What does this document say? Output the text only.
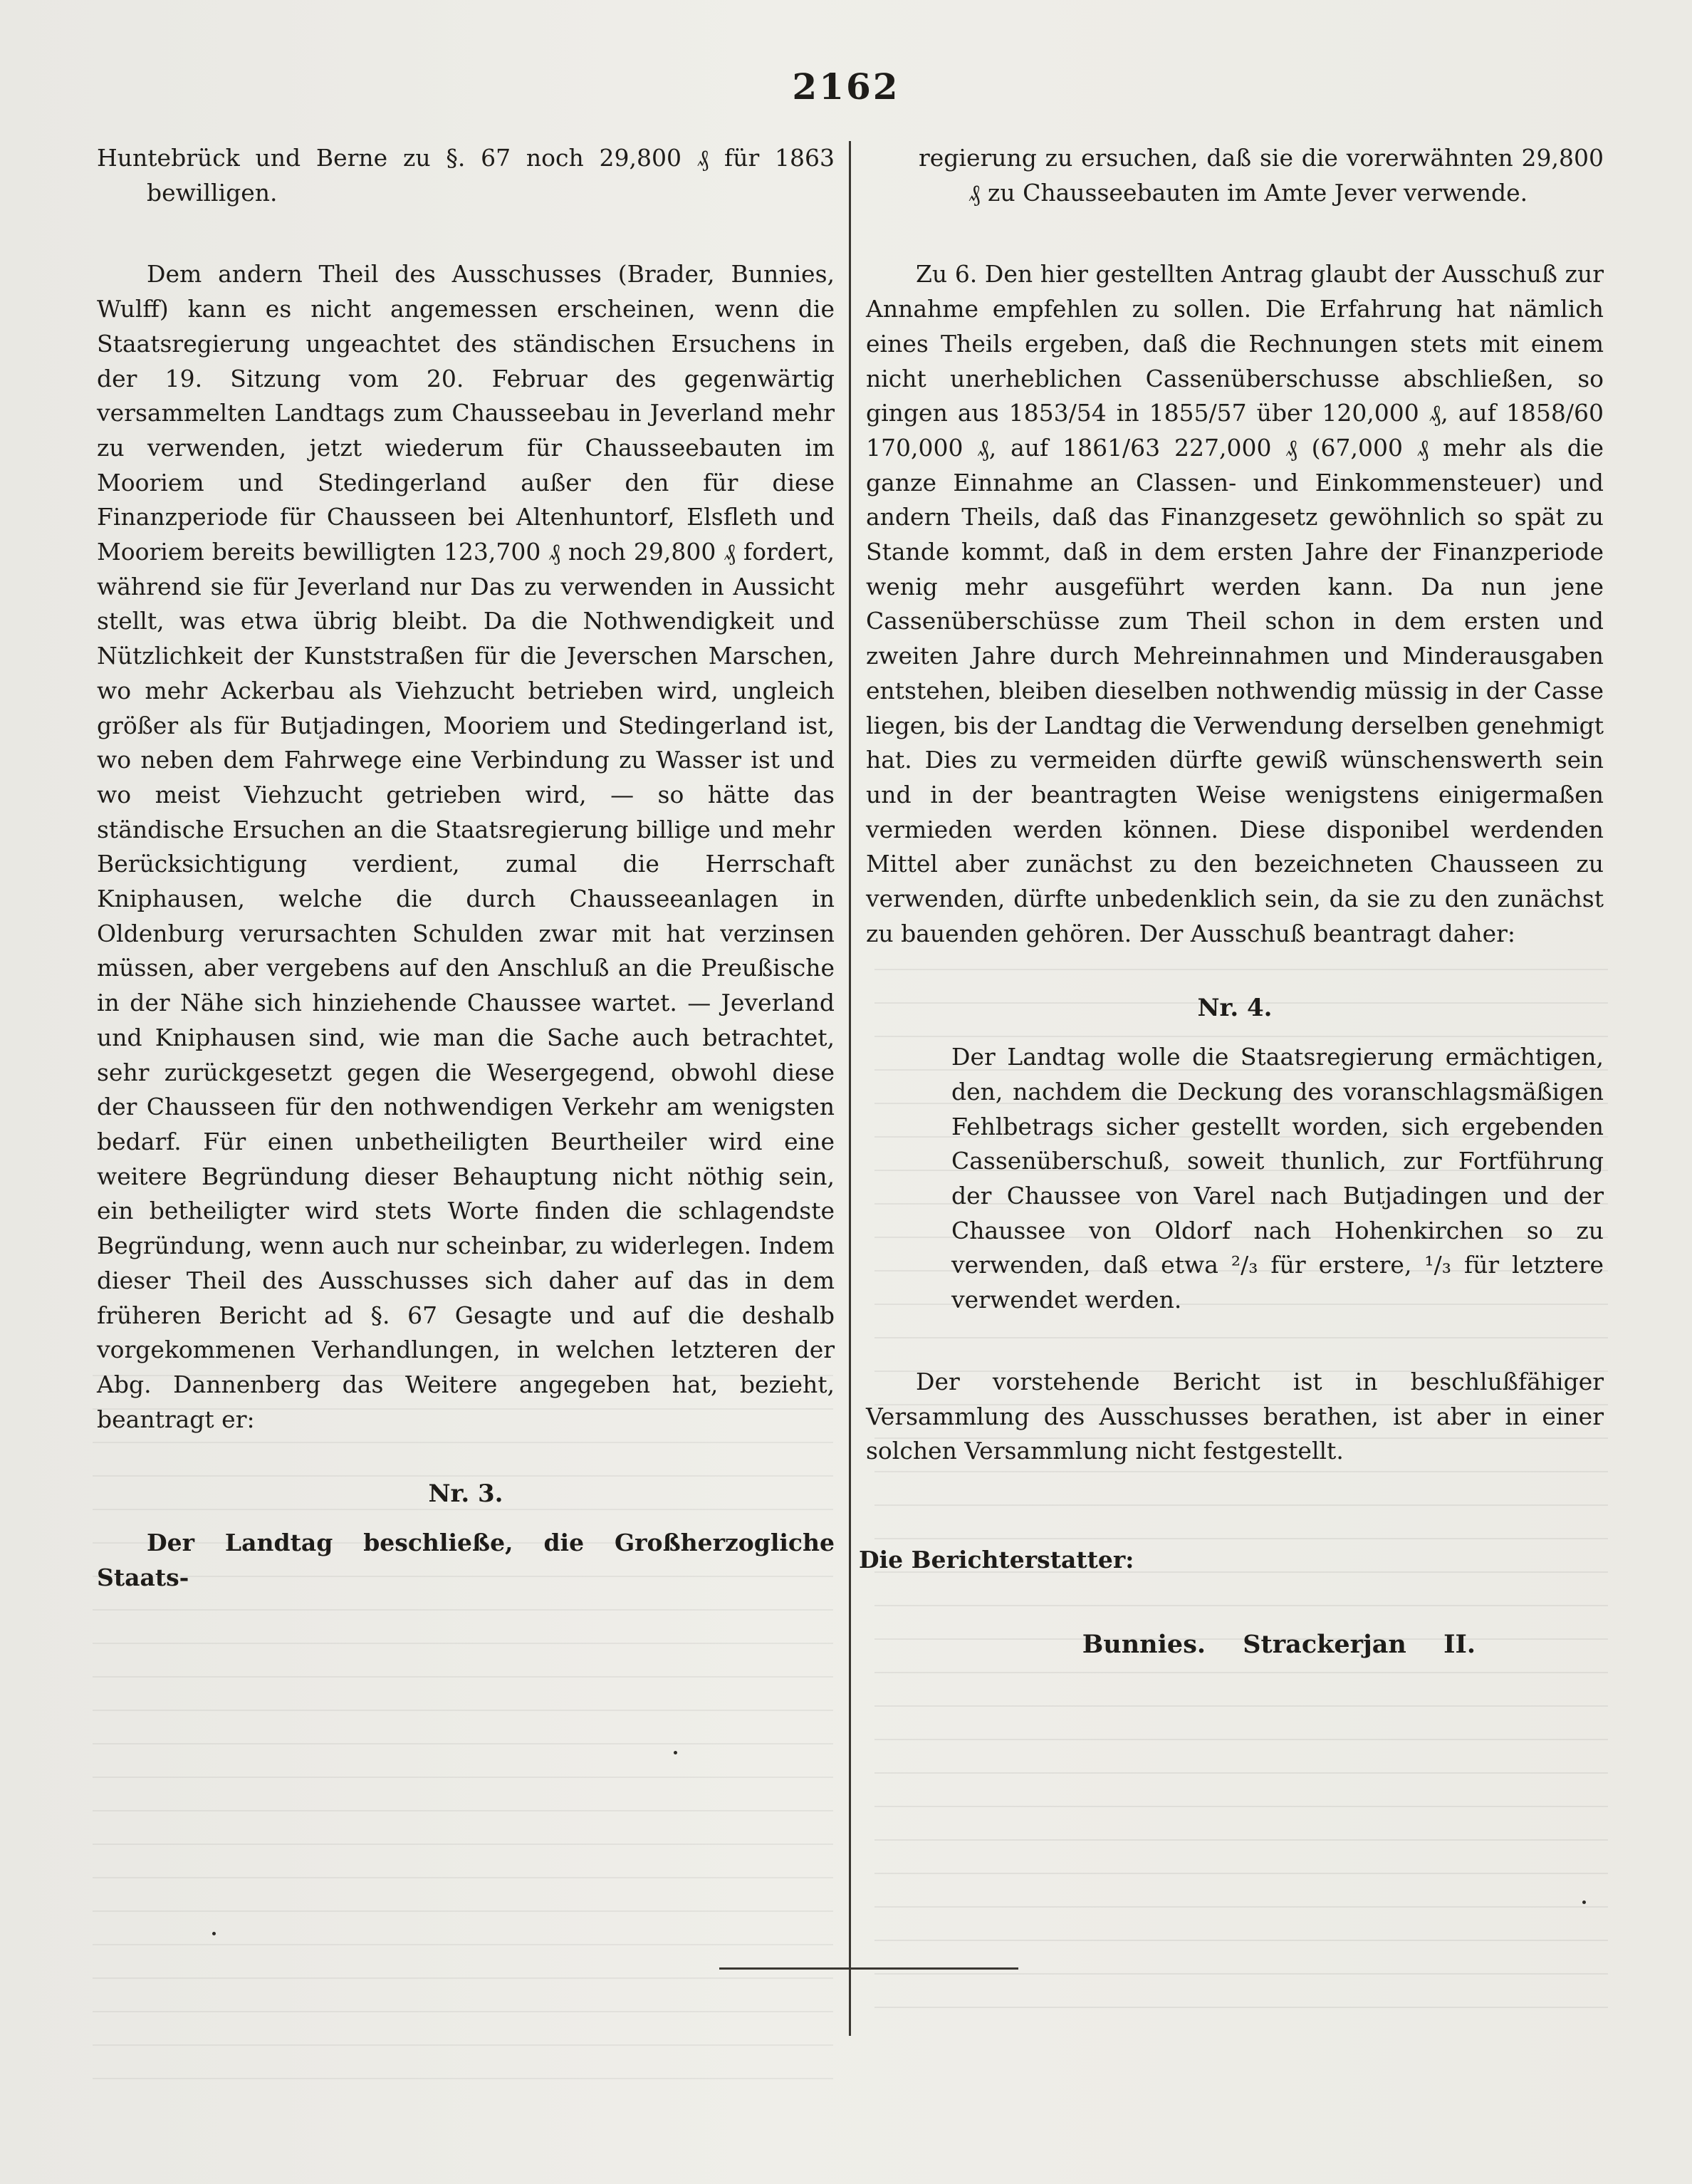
2162

Huntebrück und Berne zu §. 67 noch 29,800 ₰ für 1863 bewilligen.

Dem andern Theil des Ausschusses (Brader, Bunnies, Wulff) kann es nicht angemessen erscheinen, wenn die Staatsregierung ungeachtet des ständischen Ersuchens in der 19. Sitzung vom 20. Februar des gegenwärtig versammelten Landtags zum Chausseebau in Jeverland mehr zu verwenden, jetzt wiederum für Chausseebauten im Mooriem und Stedingerland außer den für diese Finanzperiode für Chausseen bei Altenhuntorf, Elsfleth und Mooriem bereits bewilligten 123,700 ₰ noch 29,800 ₰ fordert, während sie für Jeverland nur Das zu verwenden in Aussicht stellt, was etwa übrig bleibt. Da die Nothwendigkeit und Nützlichkeit der Kunststraßen für die Jeverschen Marschen, wo mehr Ackerbau als Viehzucht betrieben wird, ungleich größer als für Butjadingen, Mooriem und Stedingerland ist, wo neben dem Fahrwege eine Verbindung zu Wasser ist und wo meist Viehzucht getrieben wird, — so hätte das ständische Ersuchen an die Staatsregierung billige und mehr Berücksichtigung verdient, zumal die Herrschaft Kniphausen, welche die durch Chausseeanlagen in Oldenburg verursachten Schulden zwar mit hat verzinsen müssen, aber vergebens auf den Anschluß an die Preußische in der Nähe sich hinziehende Chaussee wartet. — Jeverland und Kniphausen sind, wie man die Sache auch betrachtet, sehr zurückgesetzt gegen die Wesergegend, obwohl diese der Chausseen für den nothwendigen Verkehr am wenigsten bedarf. Für einen unbetheiligten Beurtheiler wird eine weitere Begründung dieser Behauptung nicht nöthig sein, ein betheiligter wird stets Worte finden die schlagendste Begründung, wenn auch nur scheinbar, zu widerlegen. Indem dieser Theil des Ausschusses sich daher auf das in dem früheren Bericht ad §. 67 Gesagte und auf die deshalb vorgekommenen Verhandlungen, in welchen letzteren der Abg. Dannenberg das Weitere angegeben hat, bezieht, beantragt er:

Nr. 3.

Der Landtag beschließe, die Großherzogliche Staats-

regierung zu ersuchen, daß sie die vorerwähnten 29,800 ₰ zu Chausseebauten im Amte Jever verwende.

Zu 6. Den hier gestellten Antrag glaubt der Ausschuß zur Annahme empfehlen zu sollen. Die Erfahrung hat nämlich eines Theils ergeben, daß die Rechnungen stets mit einem nicht unerheblichen Cassenüberschusse abschließen, so gingen aus 1853/54 in 1855/57 über 120,000 ₰, auf 1858/60 170,000 ₰, auf 1861/63 227,000 ₰ (67,000 ₰ mehr als die ganze Einnahme an Classen- und Einkommensteuer) und andern Theils, daß das Finanzgesetz gewöhnlich so spät zu Stande kommt, daß in dem ersten Jahre der Finanzperiode wenig mehr ausgeführt werden kann. Da nun jene Cassenüberschüsse zum Theil schon in dem ersten und zweiten Jahre durch Mehreinnahmen und Minderausgaben entstehen, bleiben dieselben nothwendig müssig in der Casse liegen, bis der Landtag die Verwendung derselben genehmigt hat. Dies zu vermeiden dürfte gewiß wünschenswerth sein und in der beantragten Weise wenigstens einigermaßen vermieden werden können. Diese disponibel werdenden Mittel aber zunächst zu den bezeichneten Chausseen zu verwenden, dürfte unbedenklich sein, da sie zu den zunächst zu bauenden gehören. Der Ausschuß beantragt daher:

Nr. 4.

Der Landtag wolle die Staatsregierung ermächtigen, den, nachdem die Deckung des voranschlagsmäßigen Fehlbetrags sicher gestellt worden, sich ergebenden Cassenüberschuß, soweit thunlich, zur Fortführung der Chaussee von Varel nach Butjadingen und der Chaussee von Oldorf nach Hohenkirchen so zu verwenden, daß etwa ²/₃ für erstere, ¹/₃ für letztere verwendet werden.

Der vorstehende Bericht ist in beschlußfähiger Versammlung des Ausschusses berathen, ist aber in einer solchen Versammlung nicht festgestellt.

Die Berichterstatter:

Bunnies. Strackerjan II.
